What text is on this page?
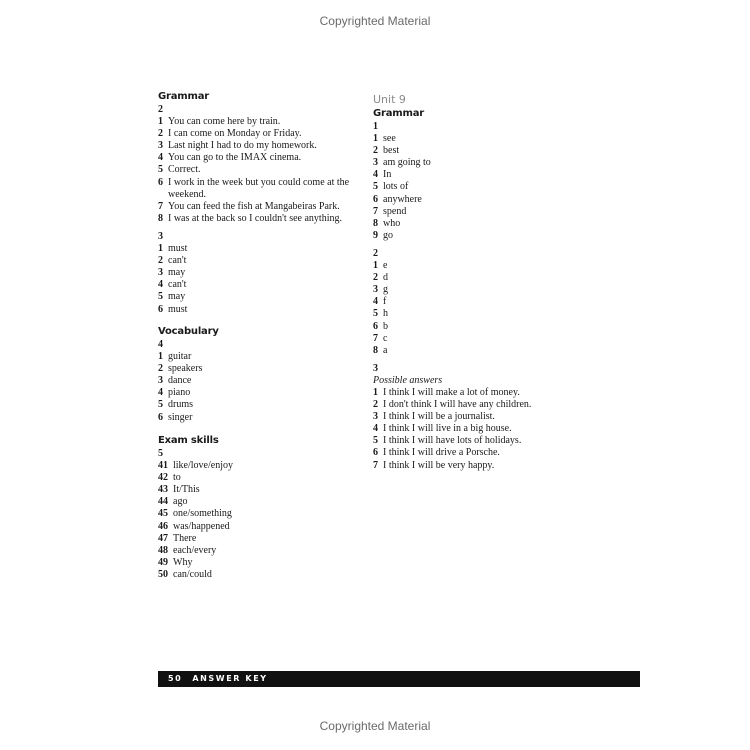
Copyrighted Material
Grammar
2
1 You can come here by train.
2 I can come on Monday or Friday.
3 Last night I had to do my homework.
4 You can go to the IMAX cinema.
5 Correct.
6 I work in the week but you could come at the weekend.
7 You can feed the fish at Mangabeiras Park.
8 I was at the back so I couldn't see anything.
3
1 must
2 can't
3 may
4 can't
5 may
6 must
Vocabulary
4
1 guitar
2 speakers
3 dance
4 piano
5 drums
6 singer
Exam skills
5
41 like/love/enjoy
42 to
43 It/This
44 ago
45 one/something
46 was/happened
47 There
48 each/every
49 Why
50 can/could
Unit 9
Grammar
1
1 see
2 best
3 am going to
4 In
5 lots of
6 anywhere
7 spend
8 who
9 go
2
1 e
2 d
3 g
4 f
5 h
6 b
7 c
8 a
3
Possible answers
1 I think I will make a lot of money.
2 I don't think I will have any children.
3 I think I will be a journalist.
4 I think I will live in a big house.
5 I think I will have lots of holidays.
6 I think I will drive a Porsche.
7 I think I will be very happy.
50 ANSWER KEY
Copyrighted Material
